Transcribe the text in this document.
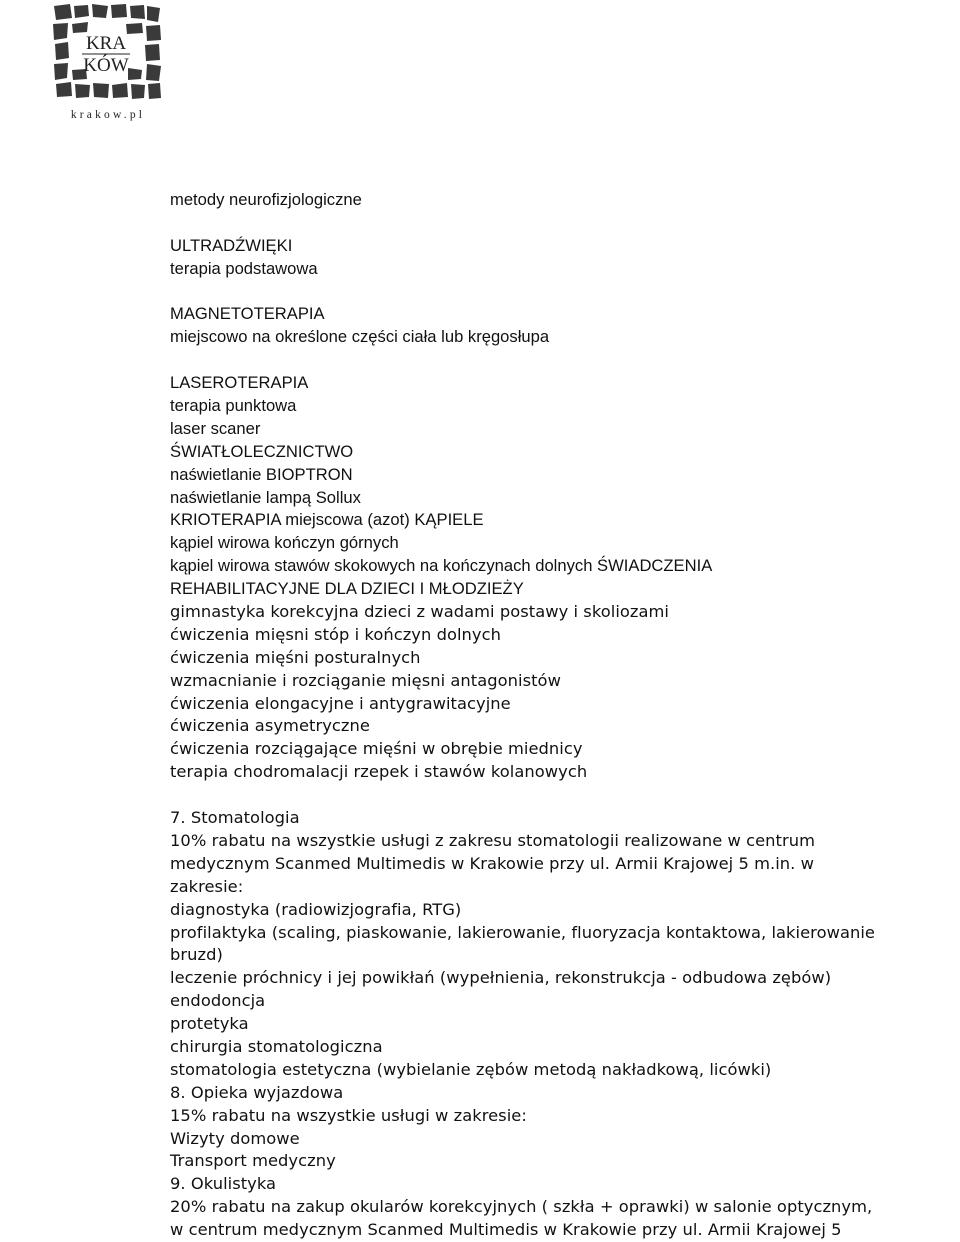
KRA
KÓW
krakow.pl
metody neurofizjologiczne
ULTRADŹWIĘKI
terapia podstawowa
MAGNETOTERAPIA
miejscowo na określone części ciała lub kręgosłupa
LASEROTERAPIA
terapia punktowa
laser scaner
ŚWIATŁOLECZNICTWO
naświetlanie BIOPTRON
naświetlanie lampą Sollux
KRIOTERAPIA miejscowa (azot) KĄPIELE
kąpiel wirowa kończyn górnych
kąpiel wirowa stawów skokowych na kończynach dolnych ŚWIADCZENIA
REHABILITACYJNE DLA DZIECI I MŁODZIEŻY
gimnastyka korekcyjna dzieci z wadami postawy i skoliozami
ćwiczenia mięsni stóp i kończyn dolnych
ćwiczenia mięśni posturalnych
wzmacnianie i rozciąganie mięsni antagonistów
ćwiczenia elongacyjne i antygrawitacyjne
ćwiczenia asymetryczne
ćwiczenia rozciągające mięśni w obrębie miednicy
terapia chodromalacji rzepek i stawów kolanowych
7. Stomatologia
10% rabatu na wszystkie usługi z zakresu stomatologii realizowane w centrum
medycznym Scanmed Multimedis w Krakowie przy ul. Armii Krajowej 5 m.in. w
zakresie:
diagnostyka (radiowizjografia, RTG)
profilaktyka (scaling, piaskowanie, lakierowanie, fluoryzacja kontaktowa, lakierowanie
bruzd)
leczenie próchnicy i jej powikłań (wypełnienia, rekonstrukcja - odbudowa zębów)
endodoncja
protetyka
chirurgia stomatologiczna
stomatologia estetyczna (wybielanie zębów metodą nakładkową, licówki)
8. Opieka wyjazdowa
15% rabatu na wszystkie usługi w zakresie:
Wizyty domowe
Transport medyczny
9. Okulistyka
20% rabatu na zakup okularów korekcyjnych ( szkła + oprawki) w salonie optycznym,
w centrum medycznym Scanmed Multimedis w Krakowie przy ul. Armii Krajowej 5
